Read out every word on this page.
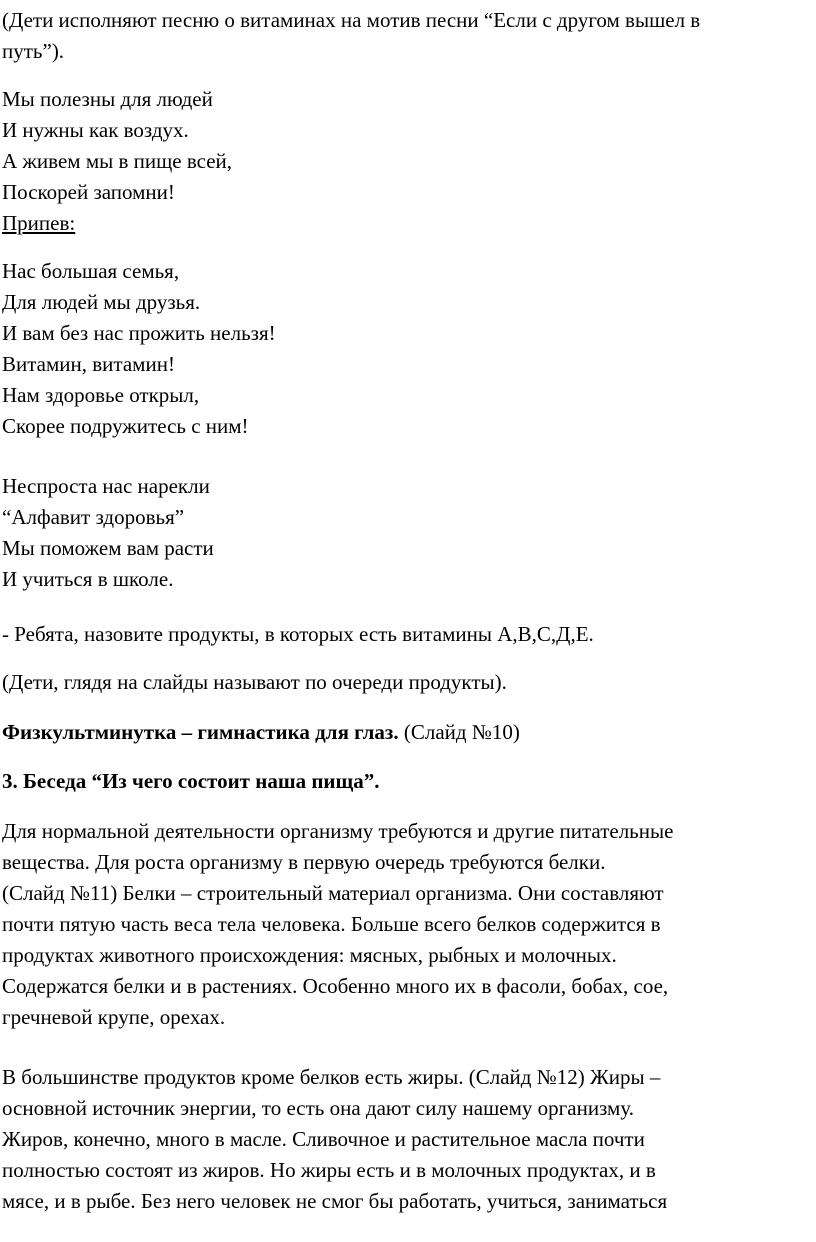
(Дети исполняют песню о витаминах на мотив песни “Если с другом вышел в
путь”).
Мы полезны для людей
И нужны как воздух.
А живем мы в пище всей,
Поскорей запомни!
Припев:
Нас большая семья,
Для людей мы друзья.
И вам без нас прожить нельзя!
Витамин, витамин!
Нам здоровье открыл,
Скорее подружитесь с ним!
Неспроста нас нарекли
“Алфавит здоровья”
Мы поможем вам расти
И учиться в школе.
- Ребята, назовите продукты, в которых есть витамины А,В,С,Д,Е.
(Дети, глядя на слайды называют по очереди продукты).
Физкультминутка – гимнастика для глаз. (Слайд №10)
3. Беседа “Из чего состоит наша пища”.
Для нормальной деятельности организму требуются и другие питательные
вещества. Для роста организму в первую очередь требуются белки.
(Слайд №11) Белки – строительный материал организма. Они составляют
почти пятую часть веса тела человека. Больше всего белков содержится в
продуктах животного происхождения: мясных, рыбных и молочных.
Содержатся белки и в растениях. Особенно много их в фасоли, бобах, сое,
гречневой крупе, орехах.
В большинстве продуктов кроме белков есть жиры. (Слайд №12) Жиры –
основной источник энергии, то есть она дают силу нашему организму.
Жиров, конечно, много в масле. Сливочное и растительное масла почти
полностью состоят из жиров. Но жиры есть и в молочных продуктах, и в
мясе, и в рыбе. Без него человек не смог бы работать, учиться, заниматься
